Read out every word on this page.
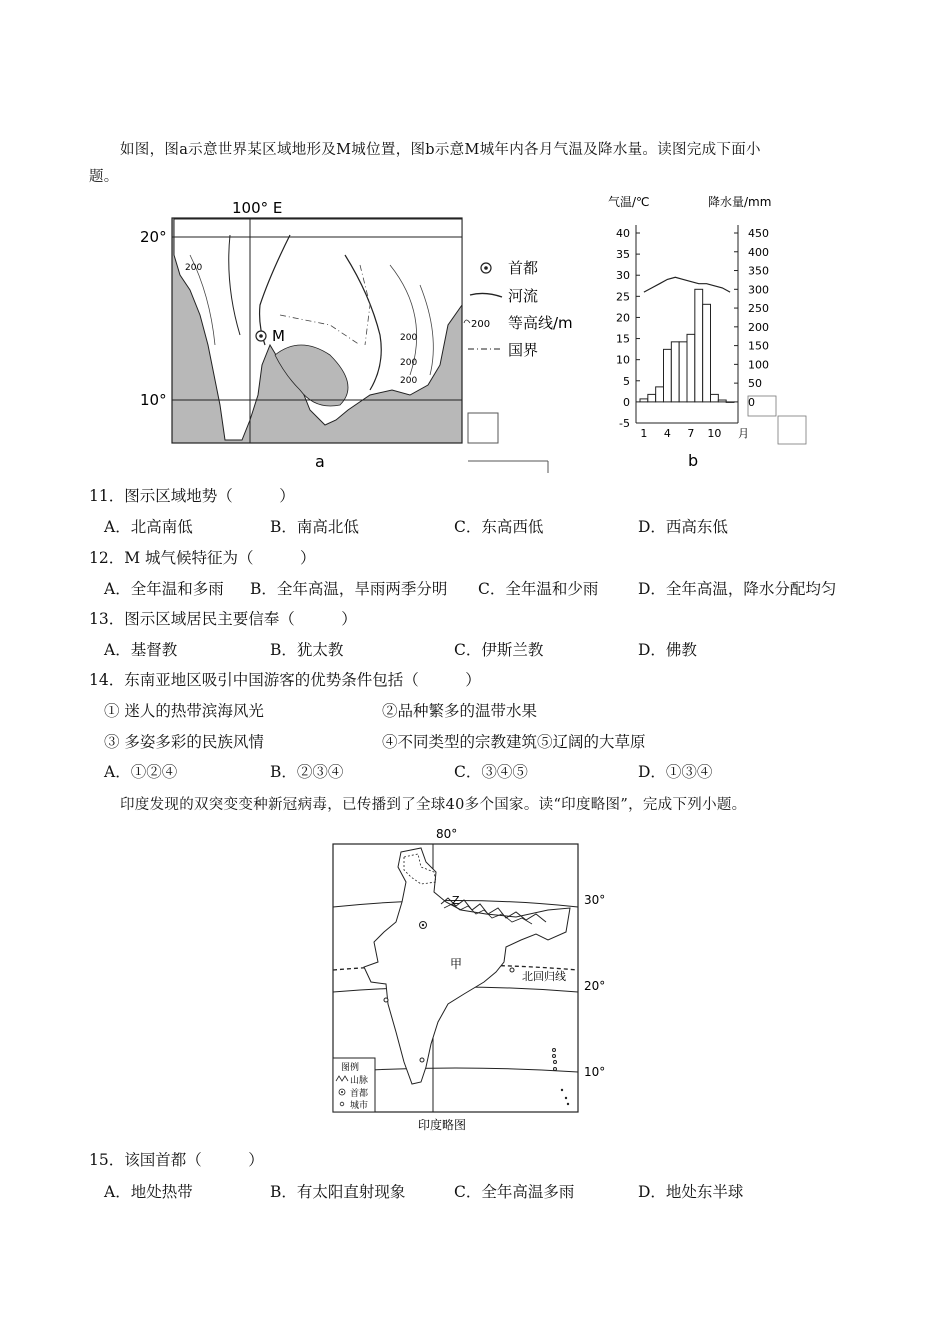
如图，图a示意世界某区域地形及M城位置，图b示意M城年内各月气温及降水量。读图完成下面小
题。
100° E
20°
10°
200
200
200
200
M
首都
河流
200 等高线/m
国界
a
气温/℃	降水量/mm
40
35
30
25
20
15
10
5
0
-5
450
400
350
300
250
200
150
100
50
0
1 4 7 10 月
b
11．图示区域地势（　　　）
A．北高南低	B．南高北低	C．东高西低	D．西高东低
12．M 城气候特征为（　　　）
A．全年温和多雨 B．全年高温，旱雨两季分明 C．全年温和少雨	D．全年高温，降水分配均匀
13．图示区域居民主要信奉（　　　）
A．基督教	B．犹太教	C．伊斯兰教	D．佛教
14．东南亚地区吸引中国游客的优势条件包括（　　　）
① 迷人的热带滨海风光	②品种繁多的温带水果
③ 多姿多彩的民族风情	④不同类型的宗教建筑⑤辽阔的大草原
A．①②④	B．②③④	C．③④⑤	D．①③④
印度发现的双突变变种新冠病毒，已传播到了全球40多个国家。读“印度略图”，完成下列小题。
80°
Z
甲
北回归线
30°
20°
10°
图例
山脉
首都
城市
印度略图
15．该国首都（　　　）
A．地处热带	B．有太阳直射现象	C．全年高温多雨	D．地处东半球
